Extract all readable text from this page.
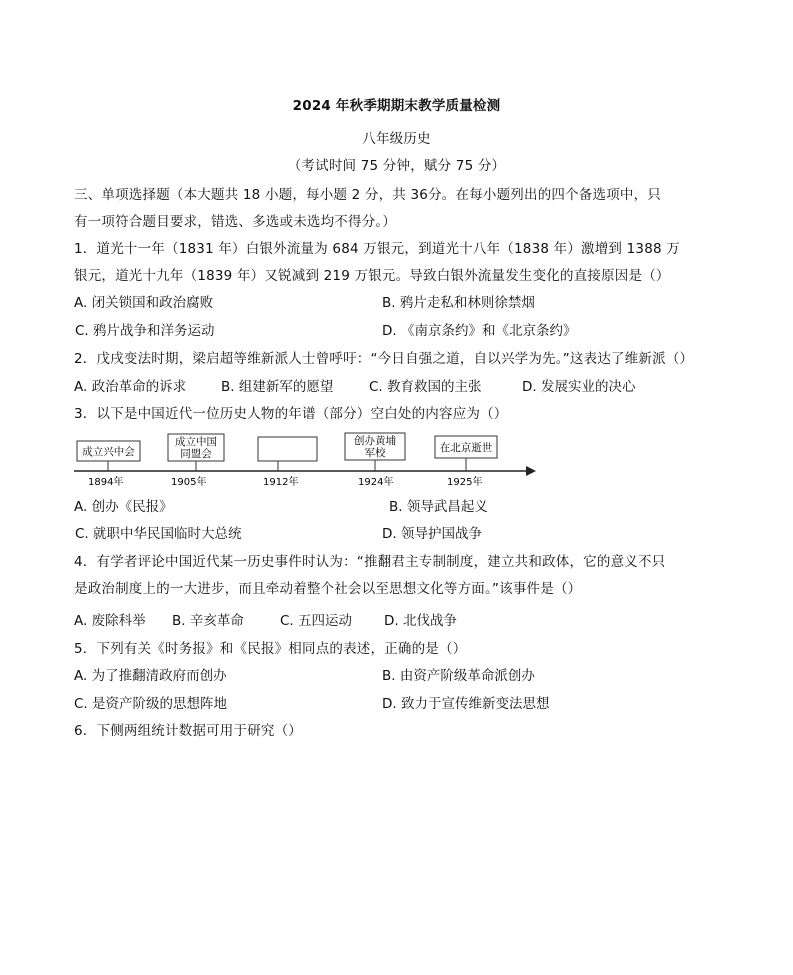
2024 年秋季期期末教学质量检测
八年级历史
（考试时间 75 分钟，赋分 75 分）
三、单项选择题（本大题共 18 小题，每小题 2 分，共 36分。在每小题列出的四个备选项中，只
有一项符合题目要求，错选、多选或未选均不得分。）
1．道光十一年（1831 年）白银外流量为 684 万银元，到道光十八年（1838 年）激增到 1388 万
银元，道光十九年（1839 年）又锐减到 219 万银元。导致白银外流量发生变化的直接原因是（）
A. 闭关锁国和政治腐败	B. 鸦片走私和林则徐禁烟
C. 鸦片战争和洋务运动	D. 《南京条约》和《北京条约》
2．戊戌变法时期，梁启超等维新派人士曾呼吁：“今日自强之道，自以兴学为先。”这表达了维新派（）
A. 政治革命的诉求	B. 组建新军的愿望	C. 教育救国的主张	D. 发展实业的决心
3．以下是中国近代一位历史人物的年谱（部分）空白处的内容应为（）
成立兴中会
1894年
成立中国
同盟会
1905年	1912年
创办黄埔
军校
1924年
在北京逝世
1925年
A. 创办《民报》	B. 领导武昌起义
C. 就职中华民国临时大总统	D. 领导护国战争
4．有学者评论中国近代某一历史事件时认为：“推翻君主专制制度，建立共和政体，它的意义不只
是政治制度上的一大进步，而且牵动着整个社会以至思想文化等方面。”该事件是（）
A. 废除科举 B. 辛亥革命	C. 五四运动 D. 北伐战争
5．下列有关《时务报》和《民报》相同点的表述，正确的是（）
A. 为了推翻清政府而创办	B. 由资产阶级革命派创办
C. 是资产阶级的思想阵地	D. 致力于宣传维新变法思想
6．下侧两组统计数据可用于研究（）
